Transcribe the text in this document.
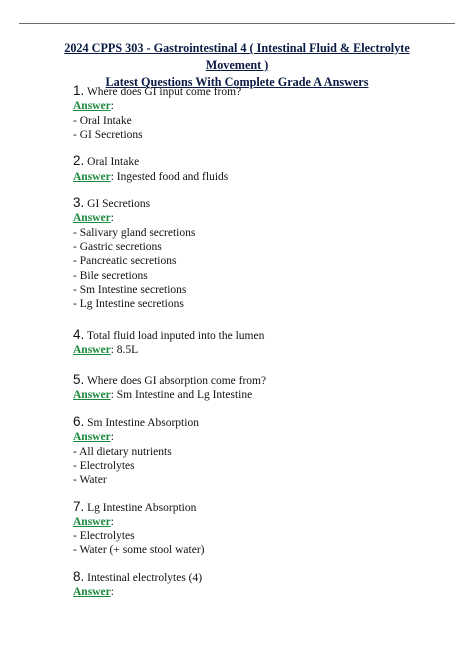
2024 CPPS 303 - Gastrointestinal 4 ( Intestinal Fluid & Electrolyte Movement )
Latest Questions With Complete Grade A Answers
1. Where does GI input come from?
Answer:
- Oral Intake
- GI Secretions
2. Oral Intake
Answer: Ingested food and fluids
3. GI Secretions
Answer:
- Salivary gland secretions
- Gastric secretions
- Pancreatic secretions
- Bile secretions
- Sm Intestine secretions
- Lg Intestine secretions
4. Total fluid load inputed into the lumen
Answer: 8.5L
5. Where does GI absorption come from?
Answer: Sm Intestine and Lg Intestine
6. Sm Intestine Absorption
Answer:
- All dietary nutrients
- Electrolytes
- Water
7. Lg Intestine Absorption
Answer:
- Electrolytes
- Water (+ some stool water)
8. Intestinal electrolytes (4)
Answer:
